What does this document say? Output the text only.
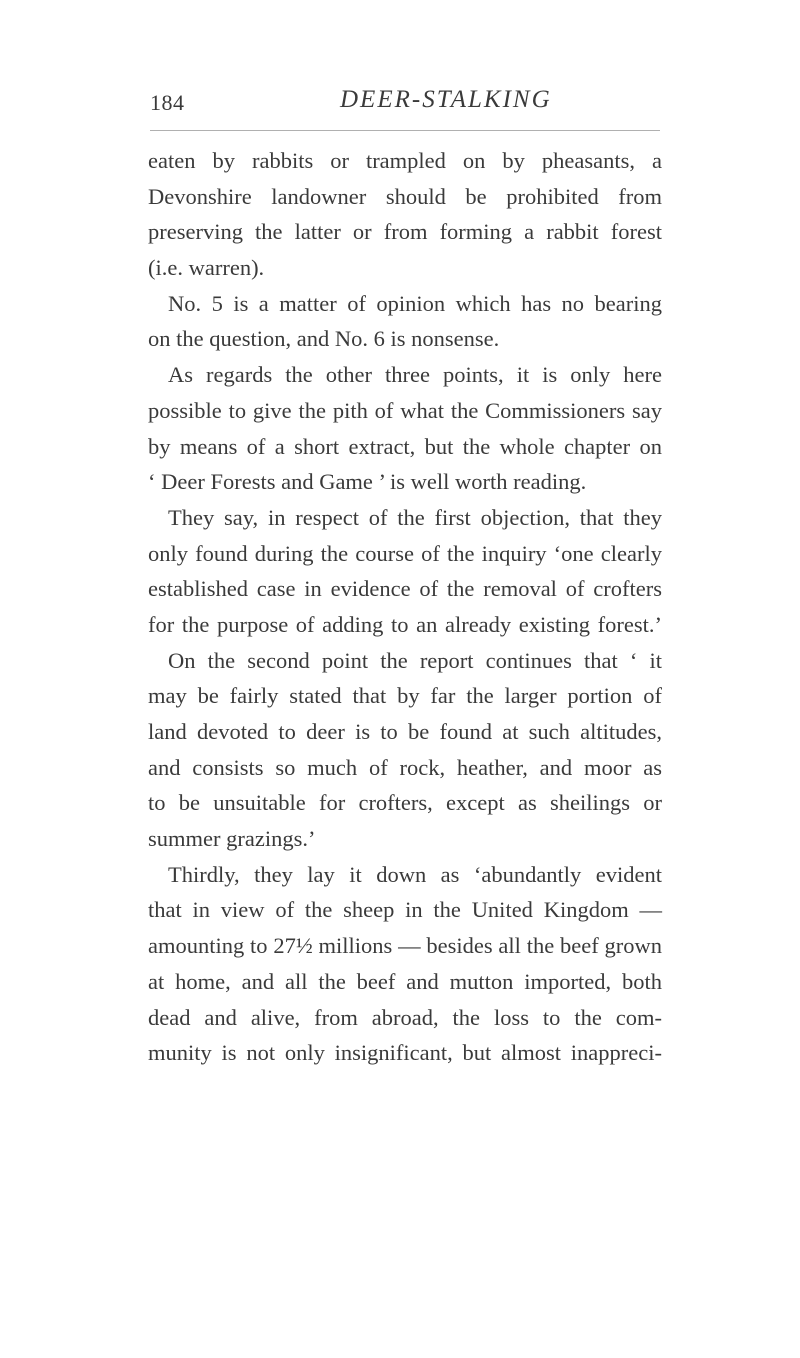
184	DEER-STALKING
eaten by rabbits or trampled on by pheasants, a
Devonshire landowner should be prohibited from
preserving the latter or from forming a rabbit forest
(i.e. warren).
No. 5 is a matter of opinion which has no bearing
on the question, and No. 6 is nonsense.
As regards the other three points, it is only here
possible to give the pith of what the Commissioners say
by means of a short extract, but the whole chapter on
‘ Deer Forests and Game ’ is well worth reading.
They say, in respect of the first objection, that they
only found during the course of the inquiry ‘one clearly
established case in evidence of the removal of crofters
for the purpose of adding to an already existing forest.’
On the second point the report continues that ‘ it
may be fairly stated that by far the larger portion of
land devoted to deer is to be found at such altitudes,
and consists so much of rock, heather, and moor as
to be unsuitable for crofters, except as sheilings or
summer grazings.’
Thirdly, they lay it down as ‘abundantly evident
that in view of the sheep in the United Kingdom —
amounting to 27½ millions — besides all the beef grown
at home, and all the beef and mutton imported, both
dead and alive, from abroad, the loss to the com-
munity is not only insignificant, but almost inappreci-
